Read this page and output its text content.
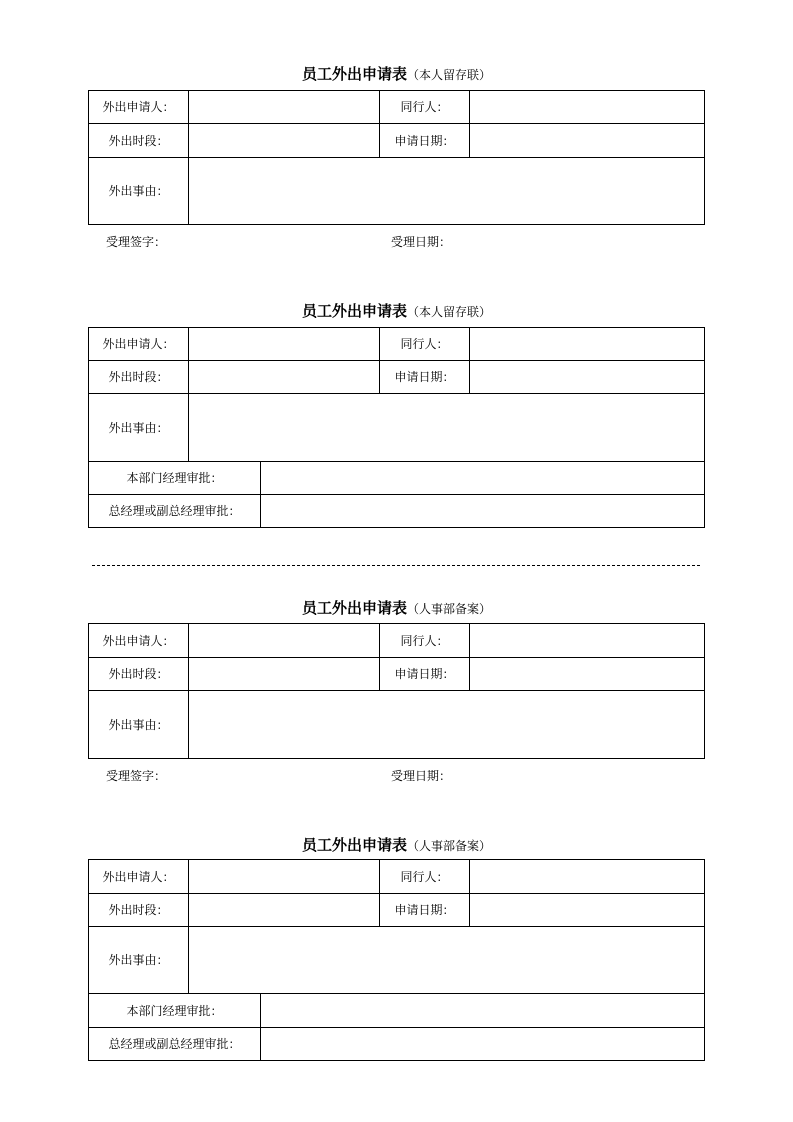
员工外出申请表（本人留存联）
外出申请人：		同行人：	
外出时段：		申请日期：	
外出事由：			
受理签字：	受理日期：
员工外出申请表（本人留存联）
外出申请人：			同行人：	
外出时段：			申请日期：	
外出事由：				
本部门经理审批：				
总经理或副总经理审批：				
员工外出申请表（人事部备案）
外出申请人：		同行人：	
外出时段：		申请日期：	
外出事由：			
受理签字：	受理日期：
员工外出申请表（人事部备案）
外出申请人：			同行人：	
外出时段：			申请日期：	
外出事由：				
本部门经理审批：				
总经理或副总经理审批：				
